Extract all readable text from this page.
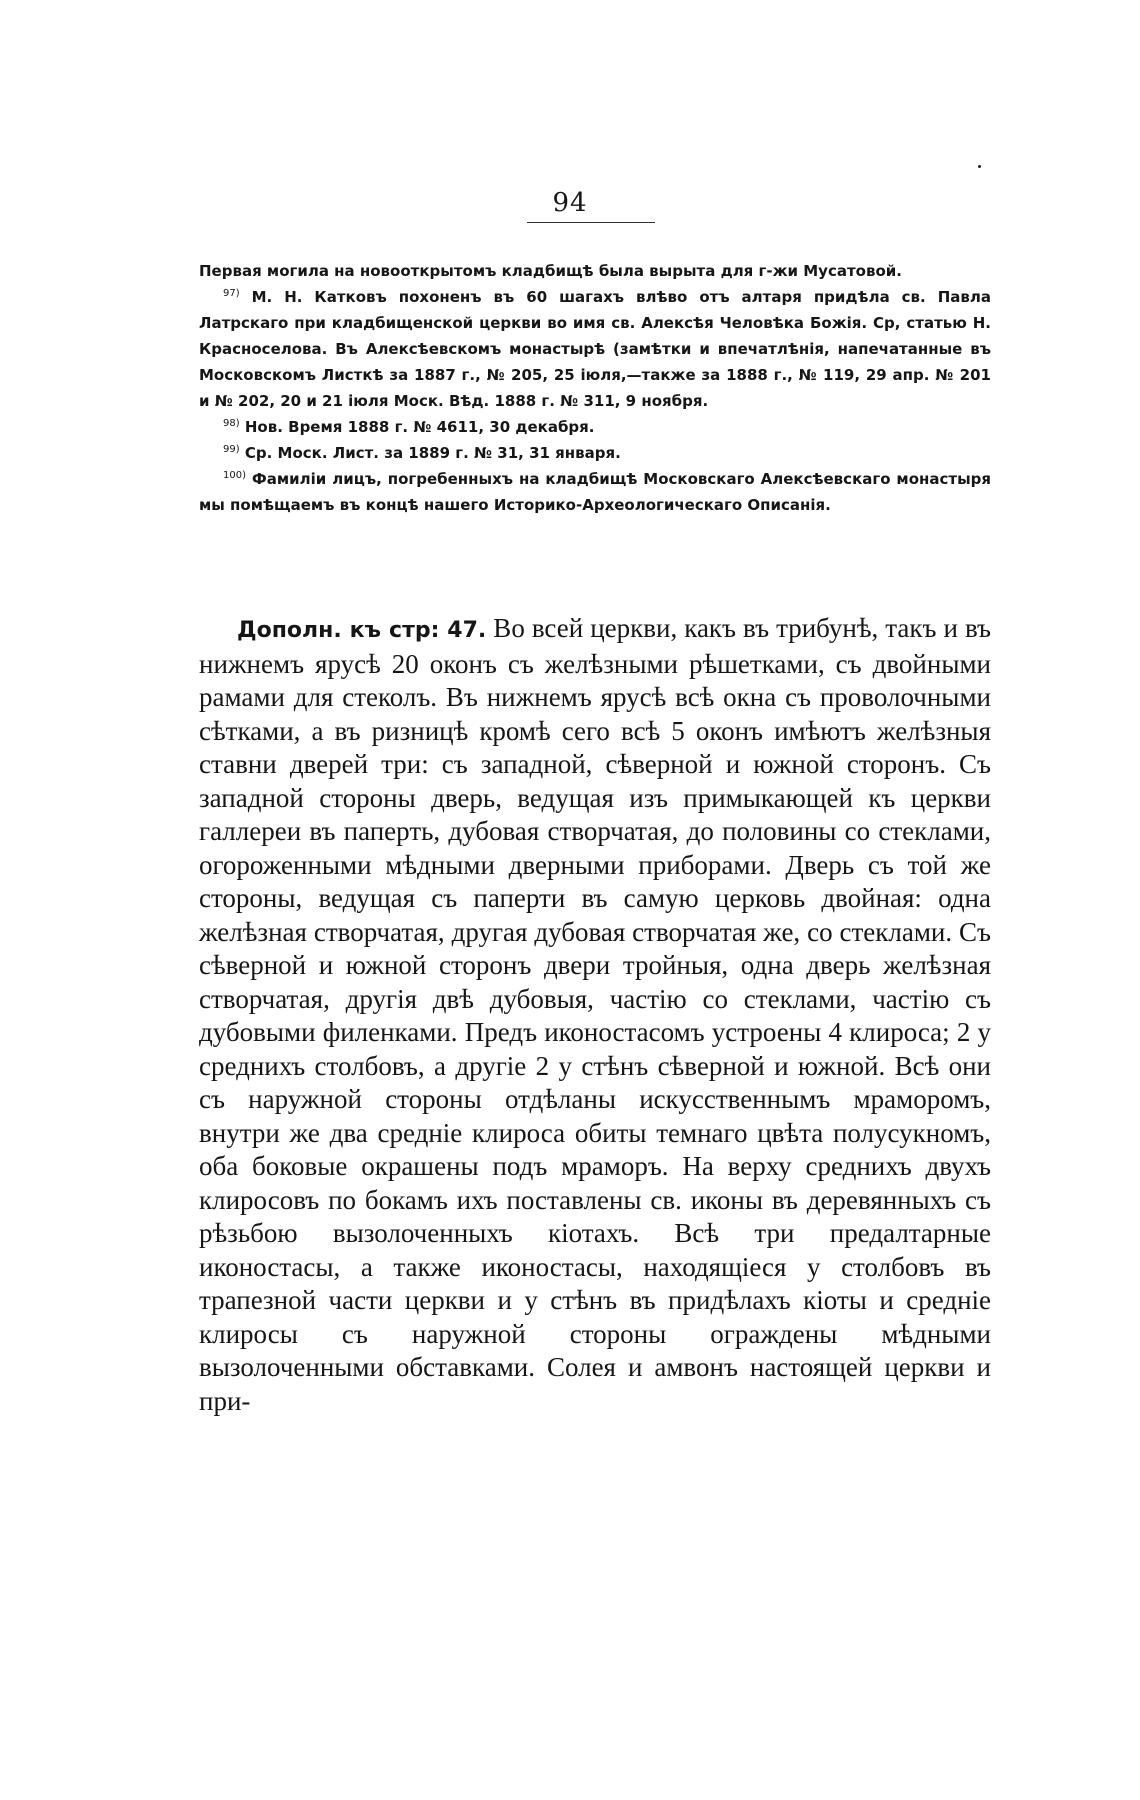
94

Первая могила на новооткрытомъ кладбищѣ была вырыта для г-жи Мусатовой.

$^{97)}$ М. Н. Катковъ похоненъ въ 60 шагахъ влѣво отъ алтаря придѣла св. Павла Латрскаго при кладбищенской церкви во имя св. Алексѣя Человѣка Божія. Ср, статью Н. Красноселова. Въ Алексѣевскомъ монастырѣ (замѣтки и впечатлѣнія, напечатанные въ Московскомъ Листкѣ за 1887 г., № 205, 25 іюля,—также за 1888 г., № 119, 29 апр. № 201 и № 202, 20 и 21 іюля Моск. Вѣд. 1888 г. № 311, 9 ноября.

$^{98)}$ Нов. Время 1888 г. № 4611, 30 декабря.

$^{99)}$ Ср. Моск. Лист. за 1889 г. № 31, 31 января.

$^{100)}$ Фамиліи лицъ, погребенныхъ на кладбищѣ Московскаго Алексѣевскаго монастыря мы помѣщаемъ въ концѣ нашего Историко-Археологическаго Описанія.

Дополн. къ стр: 47. Во всей церкви, какъ въ трибунѣ, такъ и въ нижнемъ ярусѣ 20 оконъ съ желѣзными рѣшетками, съ двойными рамами для стеколъ. Въ нижнемъ ярусѣ всѣ окна съ проволочными сѣтками, а въ ризницѣ кромѣ сего всѣ 5 оконъ имѣютъ желѣзныя ставни дверей три: съ западной, сѣверной и южной сторонъ. Съ западной стороны дверь, ведущая изъ примыкающей къ церкви галлереи въ паперть, дубовая створчатая, до половины со стеклами, огороженными мѣдными дверными приборами. Дверь съ той же стороны, ведущая съ паперти въ самую церковь двойная: одна желѣзная створчатая, другая дубовая створчатая же, со стеклами. Съ сѣверной и южной сторонъ двери тройныя, одна дверь желѣзная створчатая, другія двѣ дубовыя, частію со стеклами, частію съ дубовыми филенками. Предъ иконостасомъ устроены 4 клироса; 2 у среднихъ столбовъ, а другіе 2 у стѣнъ сѣверной и южной. Всѣ они съ наружной стороны отдѣланы искусственнымъ мраморомъ, внутри же два средніе клироса обиты темнаго цвѣта полусукномъ, оба боковые окрашены подъ мраморъ. На верху среднихъ двухъ клиросовъ по бокамъ ихъ поставлены св. иконы въ деревянныхъ съ рѣзьбою вызолоченныхъ кіотахъ. Всѣ три предалтарные иконостасы, а также иконостасы, находящіеся у столбовъ въ трапезной части церкви и у стѣнъ въ придѣлахъ кіоты и средніе клиросы съ наружной стороны ограждены мѣдными вызолоченными обставками. Солея и амвонъ настоящей церкви и при-
